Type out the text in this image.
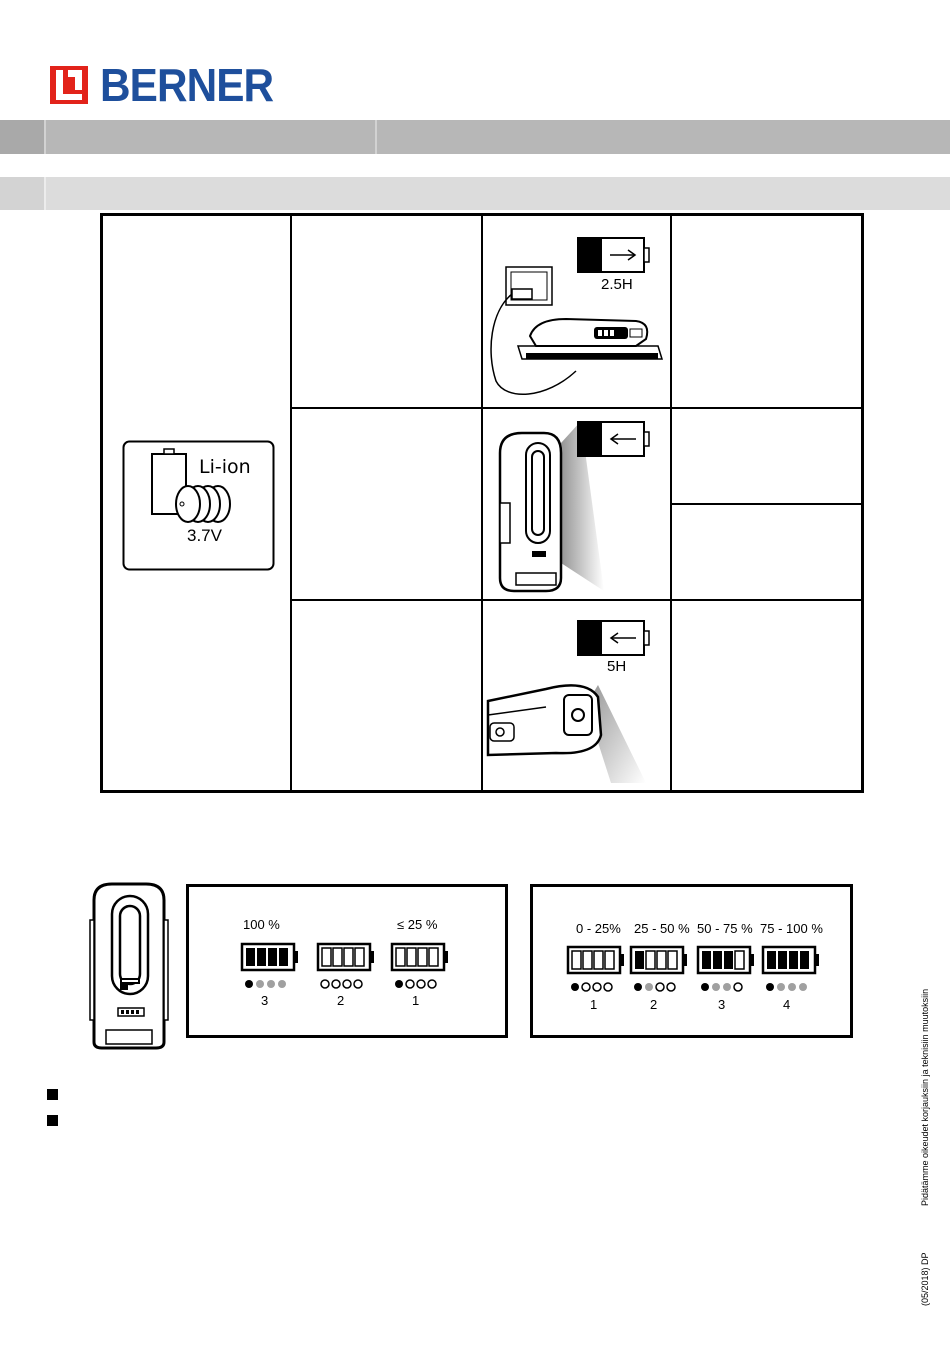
BERNER
Li-ion
3.7V
2.5H
5H
100 %	≤ 25 %
3	2	1
0 - 25% 25 - 50 % 50 - 75 % 75 - 100 %
1	2	3	4	Pidätämme oikeudet korjauksiin ja teknisiin muutoksiin
(05/2018) DP
